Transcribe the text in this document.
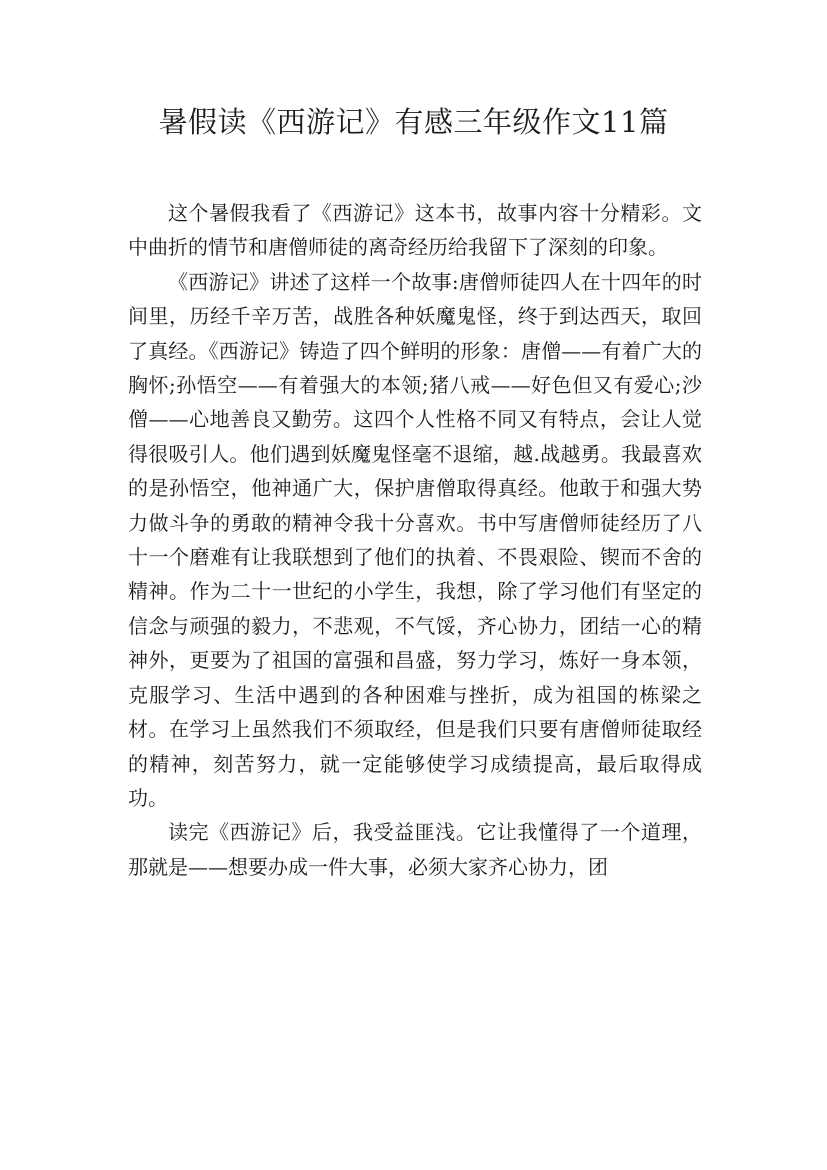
暑假读《西游记》有感三年级作文11篇

这个暑假我看了《西游记》这本书，故事内容十分精彩。文中曲折的情节和唐僧师徒的离奇经历给我留下了深刻的印象。

《西游记》讲述了这样一个故事:唐僧师徒四人在十四年的时间里，历经千辛万苦，战胜各种妖魔鬼怪，终于到达西天，取回了真经。《西游记》铸造了四个鲜明的形象：唐僧——有着广大的胸怀;孙悟空——有着强大的本领;猪八戒——好色但又有爱心;沙僧——心地善良又勤劳。这四个人性格不同又有特点，会让人觉得很吸引人。他们遇到妖魔鬼怪毫不退缩，越.战越勇。我最喜欢的是孙悟空，他神通广大，保护唐僧取得真经。他敢于和强大势力做斗争的勇敢的精神令我十分喜欢。书中写唐僧师徒经历了八十一个磨难有让我联想到了他们的执着、不畏艰险、锲而不舍的精神。作为二十一世纪的小学生，我想，除了学习他们有坚定的信念与顽强的毅力，不悲观，不气馁，齐心协力，团结一心的精神外，更要为了祖国的富强和昌盛，努力学习，炼好一身本领，克服学习、生活中遇到的各种困难与挫折，成为祖国的栋梁之材。在学习上虽然我们不须取经，但是我们只要有唐僧师徒取经的精神，刻苦努力，就一定能够使学习成绩提高，最后取得成功。

读完《西游记》后，我受益匪浅。它让我懂得了一个道理，那就是——想要办成一件大事，必须大家齐心协力，团
